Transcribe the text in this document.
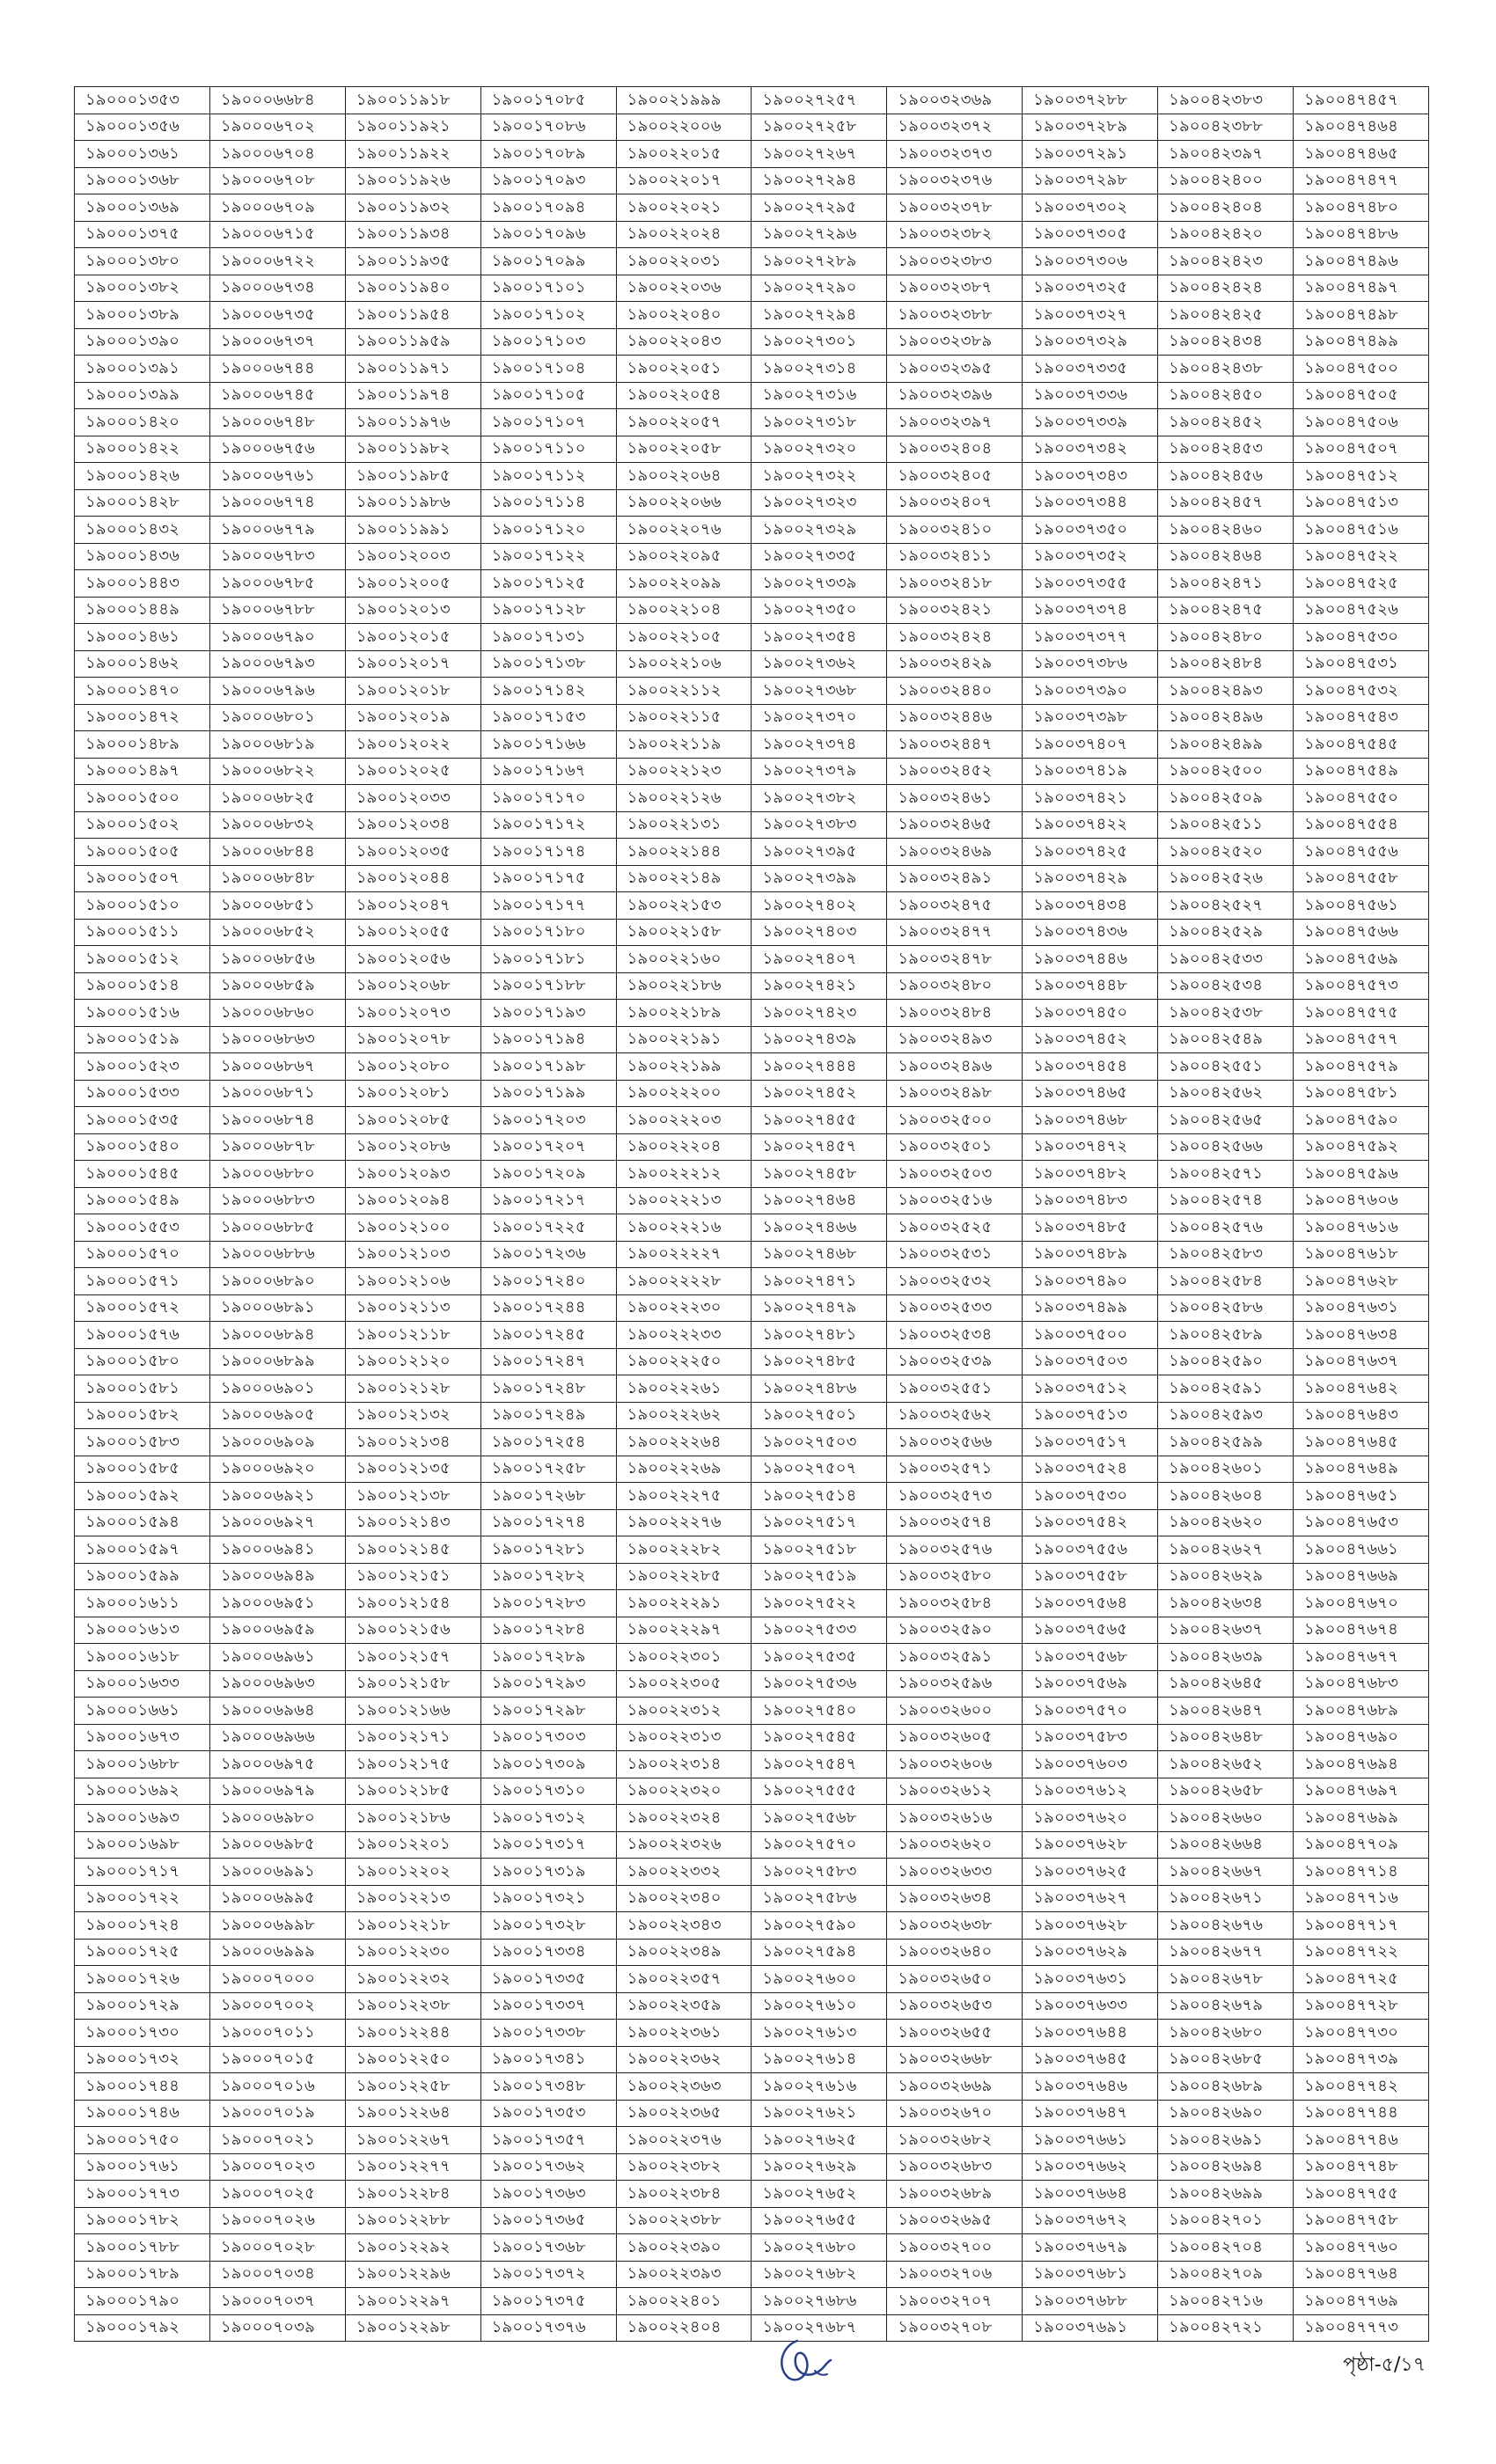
১৯০০০১৩৫৩	১৯০০০৬৬৮৪	১৯০০১১৯১৮	১৯০০১৭০৮৫	১৯০০২১৯৯৯	১৯০০২৭২৫৭	১৯০০৩২৩৬৯	১৯০০৩৭২৮৮	১৯০০৪২৩৮৩	১৯০০৪৭৪৫৭
১৯০০০১৩৫৬	১৯০০০৬৭০২	১৯০০১১৯২১	১৯০০১৭০৮৬	১৯০০২২০০৬	১৯০০২৭২৫৮	১৯০০৩২৩৭২	১৯০০৩৭২৮৯	১৯০০৪২৩৮৮	১৯০০৪৭৪৬৪
১৯০০০১৩৬১	১৯০০০৬৭০৪	১৯০০১১৯২২	১৯০০১৭০৮৯	১৯০০২২০১৫	১৯০০২৭২৬৭	১৯০০৩২৩৭৩	১৯০০৩৭২৯১	১৯০০৪২৩৯৭	১৯০০৪৭৪৬৫
১৯০০০১৩৬৮	১৯০০০৬৭০৮	১৯০০১১৯২৬	১৯০০১৭০৯৩	১৯০০২২০১৭	১৯০০২৭২৯৪	১৯০০৩২৩৭৬	১৯০০৩৭২৯৮	১৯০০৪২৪০০	১৯০০৪৭৪৭৭
১৯০০০১৩৬৯	১৯০০০৬৭০৯	১৯০০১১৯৩২	১৯০০১৭০৯৪	১৯০০২২০২১	১৯০০২৭২৯৫	১৯০০৩২৩৭৮	১৯০০৩৭৩০২	১৯০০৪২৪০৪	১৯০০৪৭৪৮০
১৯০০০১৩৭৫	১৯০০০৬৭১৫	১৯০০১১৯৩৪	১৯০০১৭০৯৬	১৯০০২২০২৪	১৯০০২৭২৯৬	১৯০০৩২৩৮২	১৯০০৩৭৩০৫	১৯০০৪২৪২০	১৯০০৪৭৪৮৬
১৯০০০১৩৮০	১৯০০০৬৭২২	১৯০০১১৯৩৫	১৯০০১৭০৯৯	১৯০০২২০৩১	১৯০০২৭২৮৯	১৯০০৩২৩৮৩	১৯০০৩৭৩০৬	১৯০০৪২৪২৩	১৯০০৪৭৪৯৬
১৯০০০১৩৮২	১৯০০০৬৭৩৪	১৯০০১১৯৪০	১৯০০১৭১০১	১৯০০২২০৩৬	১৯০০২৭২৯০	১৯০০৩২৩৮৭	১৯০০৩৭৩২৫	১৯০০৪২৪২৪	১৯০০৪৭৪৯৭
১৯০০০১৩৮৯	১৯০০০৬৭৩৫	১৯০০১১৯৫৪	১৯০০১৭১০২	১৯০০২২০৪০	১৯০০২৭২৯৪	১৯০০৩২৩৮৮	১৯০০৩৭৩২৭	১৯০০৪২৪২৫	১৯০০৪৭৪৯৮
১৯০০০১৩৯০	১৯০০০৬৭৩৭	১৯০০১১৯৫৯	১৯০০১৭১০৩	১৯০০২২০৪৩	১৯০০২৭৩০১	১৯০০৩২৩৮৯	১৯০০৩৭৩২৯	১৯০০৪২৪৩৪	১৯০০৪৭৪৯৯
১৯০০০১৩৯১	১৯০০০৬৭৪৪	১৯০০১১৯৭১	১৯০০১৭১০৪	১৯০০২২০৫১	১৯০০২৭৩১৪	১৯০০৩২৩৯৫	১৯০০৩৭৩৩৫	১৯০০৪২৪৩৮	১৯০০৪৭৫০০
১৯০০০১৩৯৯	১৯০০০৬৭৪৫	১৯০০১১৯৭৪	১৯০০১৭১০৫	১৯০০২২০৫৪	১৯০০২৭৩১৬	১৯০০৩২৩৯৬	১৯০০৩৭৩৩৬	১৯০০৪২৪৫০	১৯০০৪৭৫০৫
১৯০০০১৪২০	১৯০০০৬৭৪৮	১৯০০১১৯৭৬	১৯০০১৭১০৭	১৯০০২২০৫৭	১৯০০২৭৩১৮	১৯০০৩২৩৯৭	১৯০০৩৭৩৩৯	১৯০০৪২৪৫২	১৯০০৪৭৫০৬
১৯০০০১৪২২	১৯০০০৬৭৫৬	১৯০০১১৯৮২	১৯০০১৭১১০	১৯০০২২০৫৮	১৯০০২৭৩২০	১৯০০৩২৪০৪	১৯০০৩৭৩৪২	১৯০০৪২৪৫৩	১৯০০৪৭৫০৭
১৯০০০১৪২৬	১৯০০০৬৭৬১	১৯০০১১৯৮৫	১৯০০১৭১১২	১৯০০২২০৬৪	১৯০০২৭৩২২	১৯০০৩২৪০৫	১৯০০৩৭৩৪৩	১৯০০৪২৪৫৬	১৯০০৪৭৫১২
১৯০০০১৪২৮	১৯০০০৬৭৭৪	১৯০০১১৯৮৬	১৯০০১৭১১৪	১৯০০২২০৬৬	১৯০০২৭৩২৩	১৯০০৩২৪০৭	১৯০০৩৭৩৪৪	১৯০০৪২৪৫৭	১৯০০৪৭৫১৩
১৯০০০১৪৩২	১৯০০০৬৭৭৯	১৯০০১১৯৯১	১৯০০১৭১২০	১৯০০২২০৭৬	১৯০০২৭৩২৯	১৯০০৩২৪১০	১৯০০৩৭৩৫০	১৯০০৪২৪৬০	১৯০০৪৭৫১৬
১৯০০০১৪৩৬	১৯০০০৬৭৮৩	১৯০০১২০০৩	১৯০০১৭১২২	১৯০০২২০৯৫	১৯০০২৭৩৩৫	১৯০০৩২৪১১	১৯০০৩৭৩৫২	১৯০০৪২৪৬৪	১৯০০৪৭৫২২
১৯০০০১৪৪৩	১৯০০০৬৭৮৫	১৯০০১২০০৫	১৯০০১৭১২৫	১৯০০২২০৯৯	১৯০০২৭৩৩৯	১৯০০৩২৪১৮	১৯০০৩৭৩৫৫	১৯০০৪২৪৭১	১৯০০৪৭৫২৫
১৯০০০১৪৪৯	১৯০০০৬৭৮৮	১৯০০১২০১৩	১৯০০১৭১২৮	১৯০০২২১০৪	১৯০০২৭৩৫০	১৯০০৩২৪২১	১৯০০৩৭৩৭৪	১৯০০৪২৪৭৫	১৯০০৪৭৫২৬
১৯০০০১৪৬১	১৯০০০৬৭৯০	১৯০০১২০১৫	১৯০০১৭১৩১	১৯০০২২১০৫	১৯০০২৭৩৫৪	১৯০০৩২৪২৪	১৯০০৩৭৩৭৭	১৯০০৪২৪৮০	১৯০০৪৭৫৩০
১৯০০০১৪৬২	১৯০০০৬৭৯৩	১৯০০১২০১৭	১৯০০১৭১৩৮	১৯০০২২১০৬	১৯০০২৭৩৬২	১৯০০৩২৪২৯	১৯০০৩৭৩৮৬	১৯০০৪২৪৮৪	১৯০০৪৭৫৩১
১৯০০০১৪৭০	১৯০০০৬৭৯৬	১৯০০১২০১৮	১৯০০১৭১৪২	১৯০০২২১১২	১৯০০২৭৩৬৮	১৯০০৩২৪৪০	১৯০০৩৭৩৯০	১৯০০৪২৪৯৩	১৯০০৪৭৫৩২
১৯০০০১৪৭২	১৯০০০৬৮০১	১৯০০১২০১৯	১৯০০১৭১৫৩	১৯০০২২১১৫	১৯০০২৭৩৭০	১৯০০৩২৪৪৬	১৯০০৩৭৩৯৮	১৯০০৪২৪৯৬	১৯০০৪৭৫৪৩
১৯০০০১৪৮৯	১৯০০০৬৮১৯	১৯০০১২০২২	১৯০০১৭১৬৬	১৯০০২২১১৯	১৯০০২৭৩৭৪	১৯০০৩২৪৪৭	১৯০০৩৭৪০৭	১৯০০৪২৪৯৯	১৯০০৪৭৫৪৫
১৯০০০১৪৯৭	১৯০০০৬৮২২	১৯০০১২০২৫	১৯০০১৭১৬৭	১৯০০২২১২৩	১৯০০২৭৩৭৯	১৯০০৩২৪৫২	১৯০০৩৭৪১৯	১৯০০৪২৫০০	১৯০০৪৭৫৪৯
১৯০০০১৫০০	১৯০০০৬৮২৫	১৯০০১২০৩৩	১৯০০১৭১৭০	১৯০০২২১২৬	১৯০০২৭৩৮২	১৯০০৩২৪৬১	১৯০০৩৭৪২১	১৯০০৪২৫০৯	১৯০০৪৭৫৫০
১৯০০০১৫০২	১৯০০০৬৮৩২	১৯০০১২০৩৪	১৯০০১৭১৭২	১৯০০২২১৩১	১৯০০২৭৩৮৩	১৯০০৩২৪৬৫	১৯০০৩৭৪২২	১৯০০৪২৫১১	১৯০০৪৭৫৫৪
১৯০০০১৫০৫	১৯০০০৬৮৪৪	১৯০০১২০৩৫	১৯০০১৭১৭৪	১৯০০২২১৪৪	১৯০০২৭৩৯৫	১৯০০৩২৪৬৯	১৯০০৩৭৪২৫	১৯০০৪২৫২০	১৯০০৪৭৫৫৬
১৯০০০১৫০৭	১৯০০০৬৮৪৮	১৯০০১২০৪৪	১৯০০১৭১৭৫	১৯০০২২১৪৯	১৯০০২৭৩৯৯	১৯০০৩২৪৯১	১৯০০৩৭৪২৯	১৯০০৪২৫২৬	১৯০০৪৭৫৫৮
১৯০০০১৫১০	১৯০০০৬৮৫১	১৯০০১২০৪৭	১৯০০১৭১৭৭	১৯০০২২১৫৩	১৯০০২৭৪০২	১৯০০৩২৪৭৫	১৯০০৩৭৪৩৪	১৯০০৪২৫২৭	১৯০০৪৭৫৬১
১৯০০০১৫১১	১৯০০০৬৮৫২	১৯০০১২০৫৫	১৯০০১৭১৮০	১৯০০২২১৫৮	১৯০০২৭৪০৩	১৯০০৩২৪৭৭	১৯০০৩৭৪৩৬	১৯০০৪২৫২৯	১৯০০৪৭৫৬৬
১৯০০০১৫১২	১৯০০০৬৮৫৬	১৯০০১২০৫৬	১৯০০১৭১৮১	১৯০০২২১৬০	১৯০০২৭৪০৭	১৯০০৩২৪৭৮	১৯০০৩৭৪৪৬	১৯০০৪২৫৩৩	১৯০০৪৭৫৬৯
১৯০০০১৫১৪	১৯০০০৬৮৫৯	১৯০০১২০৬৮	১৯০০১৭১৮৮	১৯০০২২১৮৬	১৯০০২৭৪২১	১৯০০৩২৪৮০	১৯০০৩৭৪৪৮	১৯০০৪২৫৩৪	১৯০০৪৭৫৭৩
১৯০০০১৫১৬	১৯০০০৬৮৬০	১৯০০১২০৭৩	১৯০০১৭১৯৩	১৯০০২২১৮৯	১৯০০২৭৪২৩	১৯০০৩২৪৮৪	১৯০০৩৭৪৫০	১৯০০৪২৫৩৮	১৯০০৪৭৫৭৫
১৯০০০১৫১৯	১৯০০০৬৮৬৩	১৯০০১২০৭৮	১৯০০১৭১৯৪	১৯০০২২১৯১	১৯০০২৭৪৩৯	১৯০০৩২৪৯৩	১৯০০৩৭৪৫২	১৯০০৪২৫৪৯	১৯০০৪৭৫৭৭
১৯০০০১৫২৩	১৯০০০৬৮৬৭	১৯০০১২০৮০	১৯০০১৭১৯৮	১৯০০২২১৯৯	১৯০০২৭৪৪৪	১৯০০৩২৪৯৬	১৯০০৩৭৪৫৪	১৯০০৪২৫৫১	১৯০০৪৭৫৭৯
১৯০০০১৫৩৩	১৯০০০৬৮৭১	১৯০০১২০৮১	১৯০০১৭১৯৯	১৯০০২২২০০	১৯০০২৭৪৫২	১৯০০৩২৪৯৮	১৯০০৩৭৪৬৫	১৯০০৪২৫৬২	১৯০০৪৭৫৮১
১৯০০০১৫৩৫	১৯০০০৬৮৭৪	১৯০০১২০৮৫	১৯০০১৭২০৩	১৯০০২২২০৩	১৯০০২৭৪৫৫	১৯০০৩২৫০০	১৯০০৩৭৪৬৮	১৯০০৪২৫৬৫	১৯০০৪৭৫৯০
১৯০০০১৫৪০	১৯০০০৬৮৭৮	১৯০০১২০৮৬	১৯০০১৭২০৭	১৯০০২২২০৪	১৯০০২৭৪৫৭	১৯০০৩২৫০১	১৯০০৩৭৪৭২	১৯০০৪২৫৬৬	১৯০০৪৭৫৯২
১৯০০০১৫৪৫	১৯০০০৬৮৮০	১৯০০১২০৯৩	১৯০০১৭২০৯	১৯০০২২২১২	১৯০০২৭৪৫৮	১৯০০৩২৫০৩	১৯০০৩৭৪৮২	১৯০০৪২৫৭১	১৯০০৪৭৫৯৬
১৯০০০১৫৪৯	১৯০০০৬৮৮৩	১৯০০১২০৯৪	১৯০০১৭২১৭	১৯০০২২২১৩	১৯০০২৭৪৬৪	১৯০০৩২৫১৬	১৯০০৩৭৪৮৩	১৯০০৪২৫৭৪	১৯০০৪৭৬০৬
১৯০০০১৫৫৩	১৯০০০৬৮৮৫	১৯০০১২১০০	১৯০০১৭২২৫	১৯০০২২২১৬	১৯০০২৭৪৬৬	১৯০০৩২৫২৫	১৯০০৩৭৪৮৫	১৯০০৪২৫৭৬	১৯০০৪৭৬১৬
১৯০০০১৫৭০	১৯০০০৬৮৮৬	১৯০০১২১০৩	১৯০০১৭২৩৬	১৯০০২২২২৭	১৯০০২৭৪৬৮	১৯০০৩২৫৩১	১৯০০৩৭৪৮৯	১৯০০৪২৫৮৩	১৯০০৪৭৬১৮
১৯০০০১৫৭১	১৯০০০৬৮৯০	১৯০০১২১০৬	১৯০০১৭২৪০	১৯০০২২২২৮	১৯০০২৭৪৭১	১৯০০৩২৫৩২	১৯০০৩৭৪৯০	১৯০০৪২৫৮৪	১৯০০৪৭৬২৮
১৯০০০১৫৭২	১৯০০০৬৮৯১	১৯০০১২১১৩	১৯০০১৭২৪৪	১৯০০২২২৩০	১৯০০২৭৪৭৯	১৯০০৩২৫৩৩	১৯০০৩৭৪৯৯	১৯০০৪২৫৮৬	১৯০০৪৭৬৩১
১৯০০০১৫৭৬	১৯০০০৬৮৯৪	১৯০০১২১১৮	১৯০০১৭২৪৫	১৯০০২২২৩৩	১৯০০২৭৪৮১	১৯০০৩২৫৩৪	১৯০০৩৭৫০০	১৯০০৪২৫৮৯	১৯০০৪৭৬৩৪
১৯০০০১৫৮০	১৯০০০৬৮৯৯	১৯০০১২১২০	১৯০০১৭২৪৭	১৯০০২২২৫০	১৯০০২৭৪৮৫	১৯০০৩২৫৩৯	১৯০০৩৭৫০৩	১৯০০৪২৫৯০	১৯০০৪৭৬৩৭
১৯০০০১৫৮১	১৯০০০৬৯০১	১৯০০১২১২৮	১৯০০১৭২৪৮	১৯০০২২২৬১	১৯০০২৭৪৮৬	১৯০০৩২৫৫১	১৯০০৩৭৫১২	১৯০০৪২৫৯১	১৯০০৪৭৬৪২
১৯০০০১৫৮২	১৯০০০৬৯০৫	১৯০০১২১৩২	১৯০০১৭২৪৯	১৯০০২২২৬২	১৯০০২৭৫০১	১৯০০৩২৫৬২	১৯০০৩৭৫১৩	১৯০০৪২৫৯৩	১৯০০৪৭৬৪৩
১৯০০০১৫৮৩	১৯০০০৬৯০৯	১৯০০১২১৩৪	১৯০০১৭২৫৪	১৯০০২২২৬৪	১৯০০২৭৫০৩	১৯০০৩২৫৬৬	১৯০০৩৭৫১৭	১৯০০৪২৫৯৯	১৯০০৪৭৬৪৫
১৯০০০১৫৮৫	১৯০০০৬৯২০	১৯০০১২১৩৫	১৯০০১৭২৫৮	১৯০০২২২৬৯	১৯০০২৭৫০৭	১৯০০৩২৫৭১	১৯০০৩৭৫২৪	১৯০০৪২৬০১	১৯০০৪৭৬৪৯
১৯০০০১৫৯২	১৯০০০৬৯২১	১৯০০১২১৩৮	১৯০০১৭২৬৮	১৯০০২২২৭৫	১৯০০২৭৫১৪	১৯০০৩২৫৭৩	১৯০০৩৭৫৩০	১৯০০৪২৬০৪	১৯০০৪৭৬৫১
১৯০০০১৫৯৪	১৯০০০৬৯২৭	১৯০০১২১৪৩	১৯০০১৭২৭৪	১৯০০২২২৭৬	১৯০০২৭৫১৭	১৯০০৩২৫৭৪	১৯০০৩৭৫৪২	১৯০০৪২৬২০	১৯০০৪৭৬৫৩
১৯০০০১৫৯৭	১৯০০০৬৯৪১	১৯০০১২১৪৫	১৯০০১৭২৮১	১৯০০২২২৮২	১৯০০২৭৫১৮	১৯০০৩২৫৭৬	১৯০০৩৭৫৫৬	১৯০০৪২৬২৭	১৯০০৪৭৬৬১
১৯০০০১৫৯৯	১৯০০০৬৯৪৯	১৯০০১২১৫১	১৯০০১৭২৮২	১৯০০২২২৮৫	১৯০০২৭৫১৯	১৯০০৩২৫৮০	১৯০০৩৭৫৫৮	১৯০০৪২৬২৯	১৯০০৪৭৬৬৯
১৯০০০১৬১১	১৯০০০৬৯৫১	১৯০০১২১৫৪	১৯০০১৭২৮৩	১৯০০২২২৯১	১৯০০২৭৫২২	১৯০০৩২৫৮৪	১৯০০৩৭৫৬৪	১৯০০৪২৬৩৪	১৯০০৪৭৬৭০
১৯০০০১৬১৩	১৯০০০৬৯৫৯	১৯০০১২১৫৬	১৯০০১৭২৮৪	১৯০০২২২৯৭	১৯০০২৭৫৩৩	১৯০০৩২৫৯০	১৯০০৩৭৫৬৫	১৯০০৪২৬৩৭	১৯০০৪৭৬৭৪
১৯০০০১৬১৮	১৯০০০৬৯৬১	১৯০০১২১৫৭	১৯০০১৭২৮৯	১৯০০২২৩০১	১৯০০২৭৫৩৫	১৯০০৩২৫৯১	১৯০০৩৭৫৬৮	১৯০০৪২৬৩৯	১৯০০৪৭৬৭৭
১৯০০০১৬৩৩	১৯০০০৬৯৬৩	১৯০০১২১৫৮	১৯০০১৭২৯৩	১৯০০২২৩০৫	১৯০০২৭৫৩৬	১৯০০৩২৫৯৬	১৯০০৩৭৫৬৯	১৯০০৪২৬৪৫	১৯০০৪৭৬৮৩
১৯০০০১৬৬১	১৯০০০৬৯৬৪	১৯০০১২১৬৬	১৯০০১৭২৯৮	১৯০০২২৩১২	১৯০০২৭৫৪০	১৯০০৩২৬০০	১৯০০৩৭৫৭০	১৯০০৪২৬৪৭	১৯০০৪৭৬৮৯
১৯০০০১৬৭৩	১৯০০০৬৯৬৬	১৯০০১২১৭১	১৯০০১৭৩০৩	১৯০০২২৩১৩	১৯০০২৭৫৪৫	১৯০০৩২৬০৫	১৯০০৩৭৫৮৩	১৯০০৪২৬৪৮	১৯০০৪৭৬৯০
১৯০০০১৬৮৮	১৯০০০৬৯৭৫	১৯০০১২১৭৫	১৯০০১৭৩০৯	১৯০০২২৩১৪	১৯০০২৭৫৪৭	১৯০০৩২৬০৬	১৯০০৩৭৬০৩	১৯০০৪২৬৫২	১৯০০৪৭৬৯৪
১৯০০০১৬৯২	১৯০০০৬৯৭৯	১৯০০১২১৮৫	১৯০০১৭৩১০	১৯০০২২৩২০	১৯০০২৭৫৫৫	১৯০০৩২৬১২	১৯০০৩৭৬১২	১৯০০৪২৬৫৮	১৯০০৪৭৬৯৭
১৯০০০১৬৯৩	১৯০০০৬৯৮০	১৯০০১২১৮৬	১৯০০১৭৩১২	১৯০০২২৩২৪	১৯০০২৭৫৬৮	১৯০০৩২৬১৬	১৯০০৩৭৬২০	১৯০০৪২৬৬০	১৯০০৪৭৬৯৯
১৯০০০১৬৯৮	১৯০০০৬৯৮৫	১৯০০১২২০১	১৯০০১৭৩১৭	১৯০০২২৩২৬	১৯০০২৭৫৭০	১৯০০৩২৬২০	১৯০০৩৭৬২৮	১৯০০৪২৬৬৪	১৯০০৪৭৭০৯
১৯০০০১৭১৭	১৯০০০৬৯৯১	১৯০০১২২০২	১৯০০১৭৩১৯	১৯০০২২৩৩২	১৯০০২৭৫৮৩	১৯০০৩২৬৩৩	১৯০০৩৭৬২৫	১৯০০৪২৬৬৭	১৯০০৪৭৭১৪
১৯০০০১৭২২	১৯০০০৬৯৯৫	১৯০০১২২১৩	১৯০০১৭৩২১	১৯০০২২৩৪০	১৯০০২৭৫৮৬	১৯০০৩২৬৩৪	১৯০০৩৭৬২৭	১৯০০৪২৬৭১	১৯০০৪৭৭১৬
১৯০০০১৭২৪	১৯০০০৬৯৯৮	১৯০০১২২১৮	১৯০০১৭৩২৮	১৯০০২২৩৪৩	১৯০০২৭৫৯০	১৯০০৩২৬৩৮	১৯০০৩৭৬২৮	১৯০০৪২৬৭৬	১৯০০৪৭৭১৭
১৯০০০১৭২৫	১৯০০০৬৯৯৯	১৯০০১২২৩০	১৯০০১৭৩৩৪	১৯০০২২৩৪৯	১৯০০২৭৫৯৪	১৯০০৩২৬৪০	১৯০০৩৭৬২৯	১৯০০৪২৬৭৭	১৯০০৪৭৭২২
১৯০০০১৭২৬	১৯০০০৭০০০	১৯০০১২২৩২	১৯০০১৭৩৩৫	১৯০০২২৩৫৭	১৯০০২৭৬০০	১৯০০৩২৬৫০	১৯০০৩৭৬৩১	১৯০০৪২৬৭৮	১৯০০৪৭৭২৫
১৯০০০১৭২৯	১৯০০০৭০০২	১৯০০১২২৩৮	১৯০০১৭৩৩৭	১৯০০২২৩৫৯	১৯০০২৭৬১০	১৯০০৩২৬৫৩	১৯০০৩৭৬৩৩	১৯০০৪২৬৭৯	১৯০০৪৭৭২৮
১৯০০০১৭৩০	১৯০০০৭০১১	১৯০০১২২৪৪	১৯০০১৭৩৩৮	১৯০০২২৩৬১	১৯০০২৭৬১৩	১৯০০৩২৬৫৫	১৯০০৩৭৬৪৪	১৯০০৪২৬৮০	১৯০০৪৭৭৩০
১৯০০০১৭৩২	১৯০০০৭০১৫	১৯০০১২২৫০	১৯০০১৭৩৪১	১৯০০২২৩৬২	১৯০০২৭৬১৪	১৯০০৩২৬৬৮	১৯০০৩৭৬৪৫	১৯০০৪২৬৮৫	১৯০০৪৭৭৩৯
১৯০০০১৭৪৪	১৯০০০৭০১৬	১৯০০১২২৫৮	১৯০০১৭৩৪৮	১৯০০২২৩৬৩	১৯০০২৭৬১৬	১৯০০৩২৬৬৯	১৯০০৩৭৬৪৬	১৯০০৪২৬৮৯	১৯০০৪৭৭৪২
১৯০০০১৭৪৬	১৯০০০৭০১৯	১৯০০১২২৬৪	১৯০০১৭৩৫৩	১৯০০২২৩৬৫	১৯০০২৭৬২১	১৯০০৩২৬৭০	১৯০০৩৭৬৪৭	১৯০০৪২৬৯০	১৯০০৪৭৭৪৪
১৯০০০১৭৫০	১৯০০০৭০২১	১৯০০১২২৬৭	১৯০০১৭৩৫৭	১৯০০২২৩৭৬	১৯০০২৭৬২৫	১৯০০৩২৬৮২	১৯০০৩৭৬৬১	১৯০০৪২৬৯১	১৯০০৪৭৭৪৬
১৯০০০১৭৬১	১৯০০০৭০২৩	১৯০০১২২৭৭	১৯০০১৭৩৬২	১৯০০২২৩৮২	১৯০০২৭৬২৯	১৯০০৩২৬৮৩	১৯০০৩৭৬৬২	১৯০০৪২৬৯৪	১৯০০৪৭৭৪৮
১৯০০০১৭৭৩	১৯০০০৭০২৫	১৯০০১২২৮৪	১৯০০১৭৩৬৩	১৯০০২২৩৮৪	১৯০০২৭৬৫২	১৯০০৩২৬৮৯	১৯০০৩৭৬৬৪	১৯০০৪২৬৯৯	১৯০০৪৭৭৫৫
১৯০০০১৭৮২	১৯০০০৭০২৬	১৯০০১২২৮৮	১৯০০১৭৩৬৫	১৯০০২২৩৮৮	১৯০০২৭৬৫৫	১৯০০৩২৬৯৫	১৯০০৩৭৬৭২	১৯০০৪২৭০১	১৯০০৪৭৭৫৮
১৯০০০১৭৮৮	১৯০০০৭০২৮	১৯০০১২২৯২	১৯০০১৭৩৬৮	১৯০০২২৩৯০	১৯০০২৭৬৮০	১৯০০৩২৭০০	১৯০০৩৭৬৭৯	১৯০০৪২৭০৪	১৯০০৪৭৭৬০
১৯০০০১৭৮৯	১৯০০০৭০৩৪	১৯০০১২২৯৬	১৯০০১৭৩৭২	১৯০০২২৩৯৩	১৯০০২৭৬৮২	১৯০০৩২৭০৬	১৯০০৩৭৬৮১	১৯০০৪২৭০৯	১৯০০৪৭৭৬৪
১৯০০০১৭৯০	১৯০০০৭০৩৭	১৯০০১২২৯৭	১৯০০১৭৩৭৫	১৯০০২২৪০১	১৯০০২৭৬৮৬	১৯০০৩২৭০৭	১৯০০৩৭৬৮৮	১৯০০৪২৭১৬	১৯০০৪৭৭৬৯
১৯০০০১৭৯২	১৯০০০৭০৩৯	১৯০০১২২৯৮	১৯০০১৭৩৭৬	১৯০০২২৪০৪	১৯০০২৭৬৮৭	১৯০০৩২৭০৮	১৯০০৩৭৬৯১	১৯০০৪২৭২১	১৯০০৪৭৭৭৩
পৃষ্ঠা-৫/১৭
